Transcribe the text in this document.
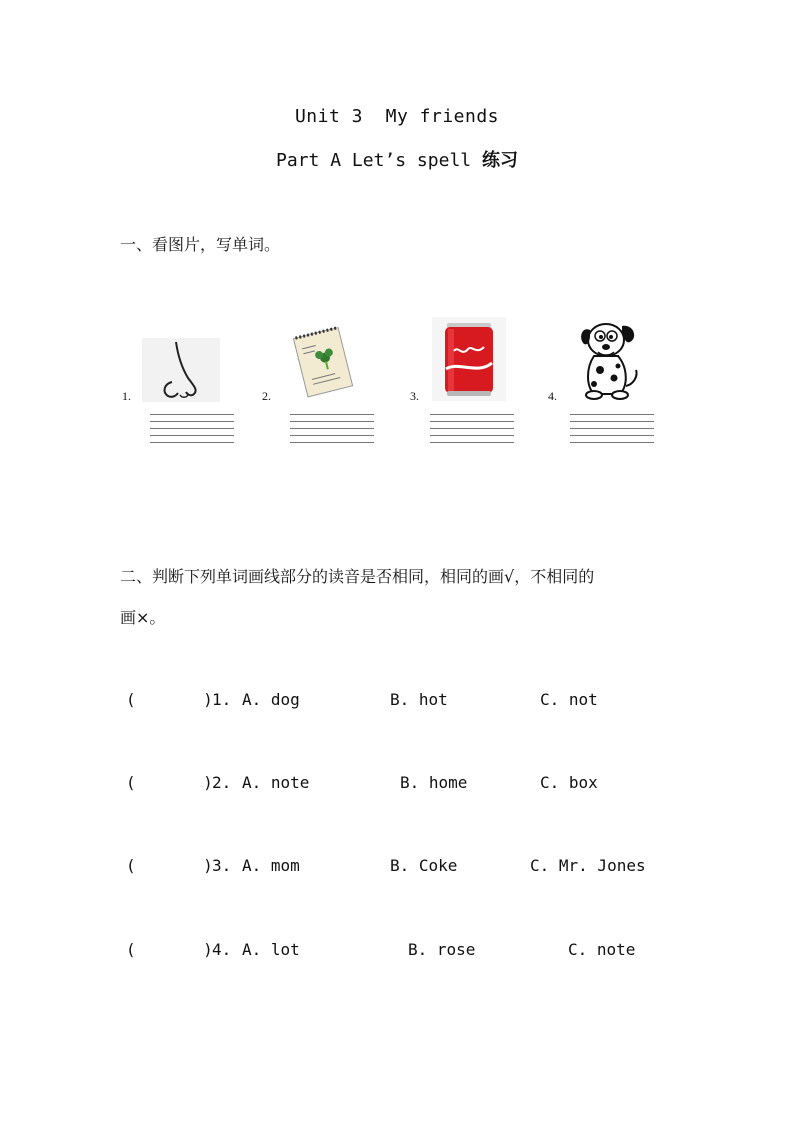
Unit 3  My friends
Part A Let’s spell 练习
一、看图片，写单词。
1.	2.	3.	4.
二、判断下列单词画线部分的读音是否相同，相同的画√，不相同的
画×。
(       ) 1. A. dog	B. hot	C. not
(       ) 2. A. note	B. home	C. box
(       ) 3. A. mom	B. Coke	C. Mr. Jones
(       ) 4. A. lot	B. rose	C. note
